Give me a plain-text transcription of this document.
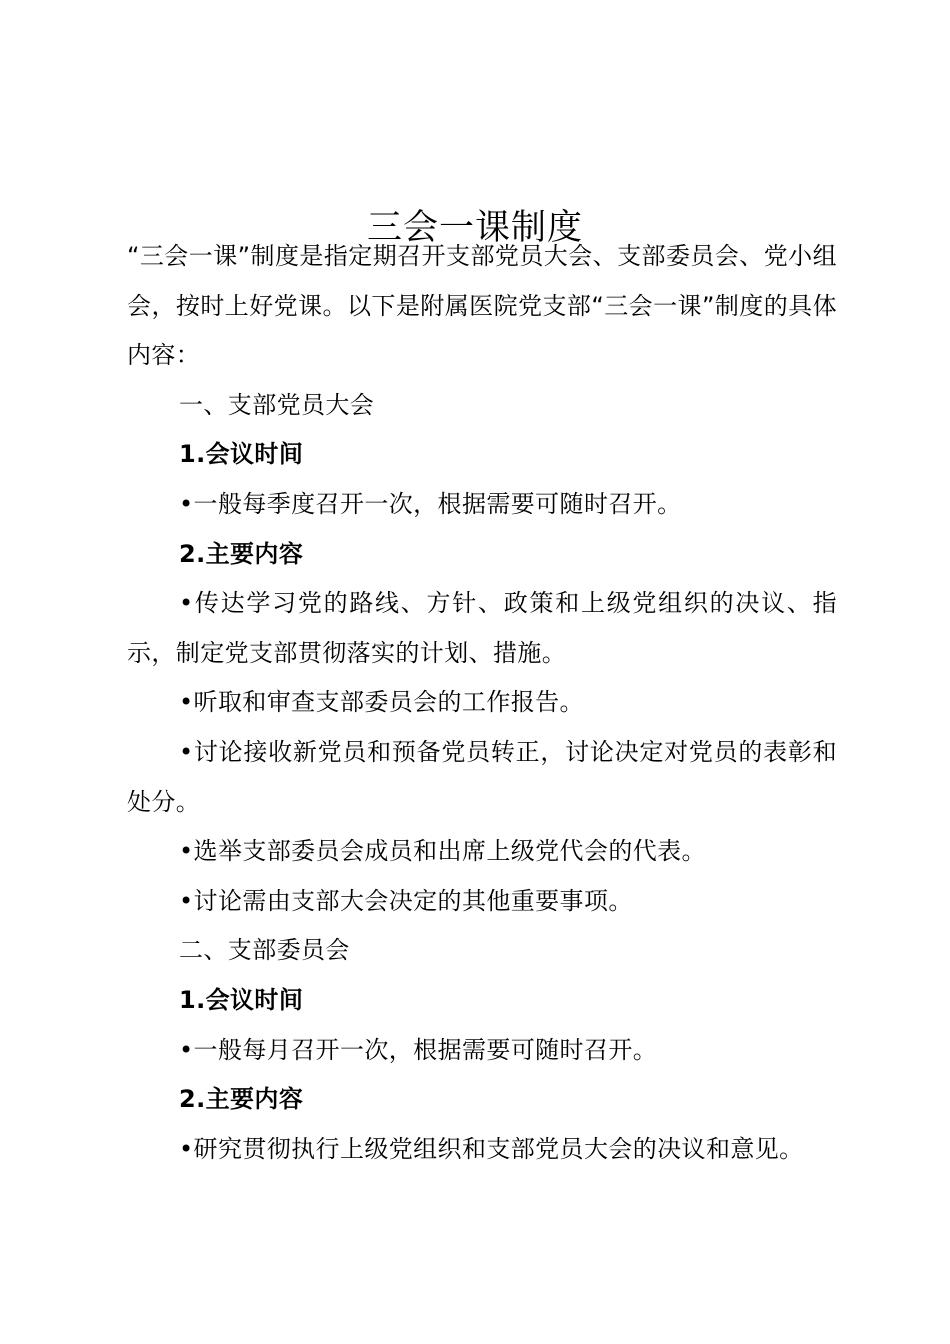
三会一课制度

“三会一课”制度是指定期召开支部党员大会、支部委员会、党小组会，按时上好党课。以下是附属医院党支部“三会一课”制度的具体内容：

一、支部党员大会

1.会议时间

•一般每季度召开一次，根据需要可随时召开。

2.主要内容

•传达学习党的路线、方针、政策和上级党组织的决议、指示，制定党支部贯彻落实的计划、措施。

•听取和审查支部委员会的工作报告。

•讨论接收新党员和预备党员转正，讨论决定对党员的表彰和处分。

•选举支部委员会成员和出席上级党代会的代表。

•讨论需由支部大会决定的其他重要事项。

二、支部委员会

1.会议时间

•一般每月召开一次，根据需要可随时召开。

2.主要内容

•研究贯彻执行上级党组织和支部党员大会的决议和意见。
